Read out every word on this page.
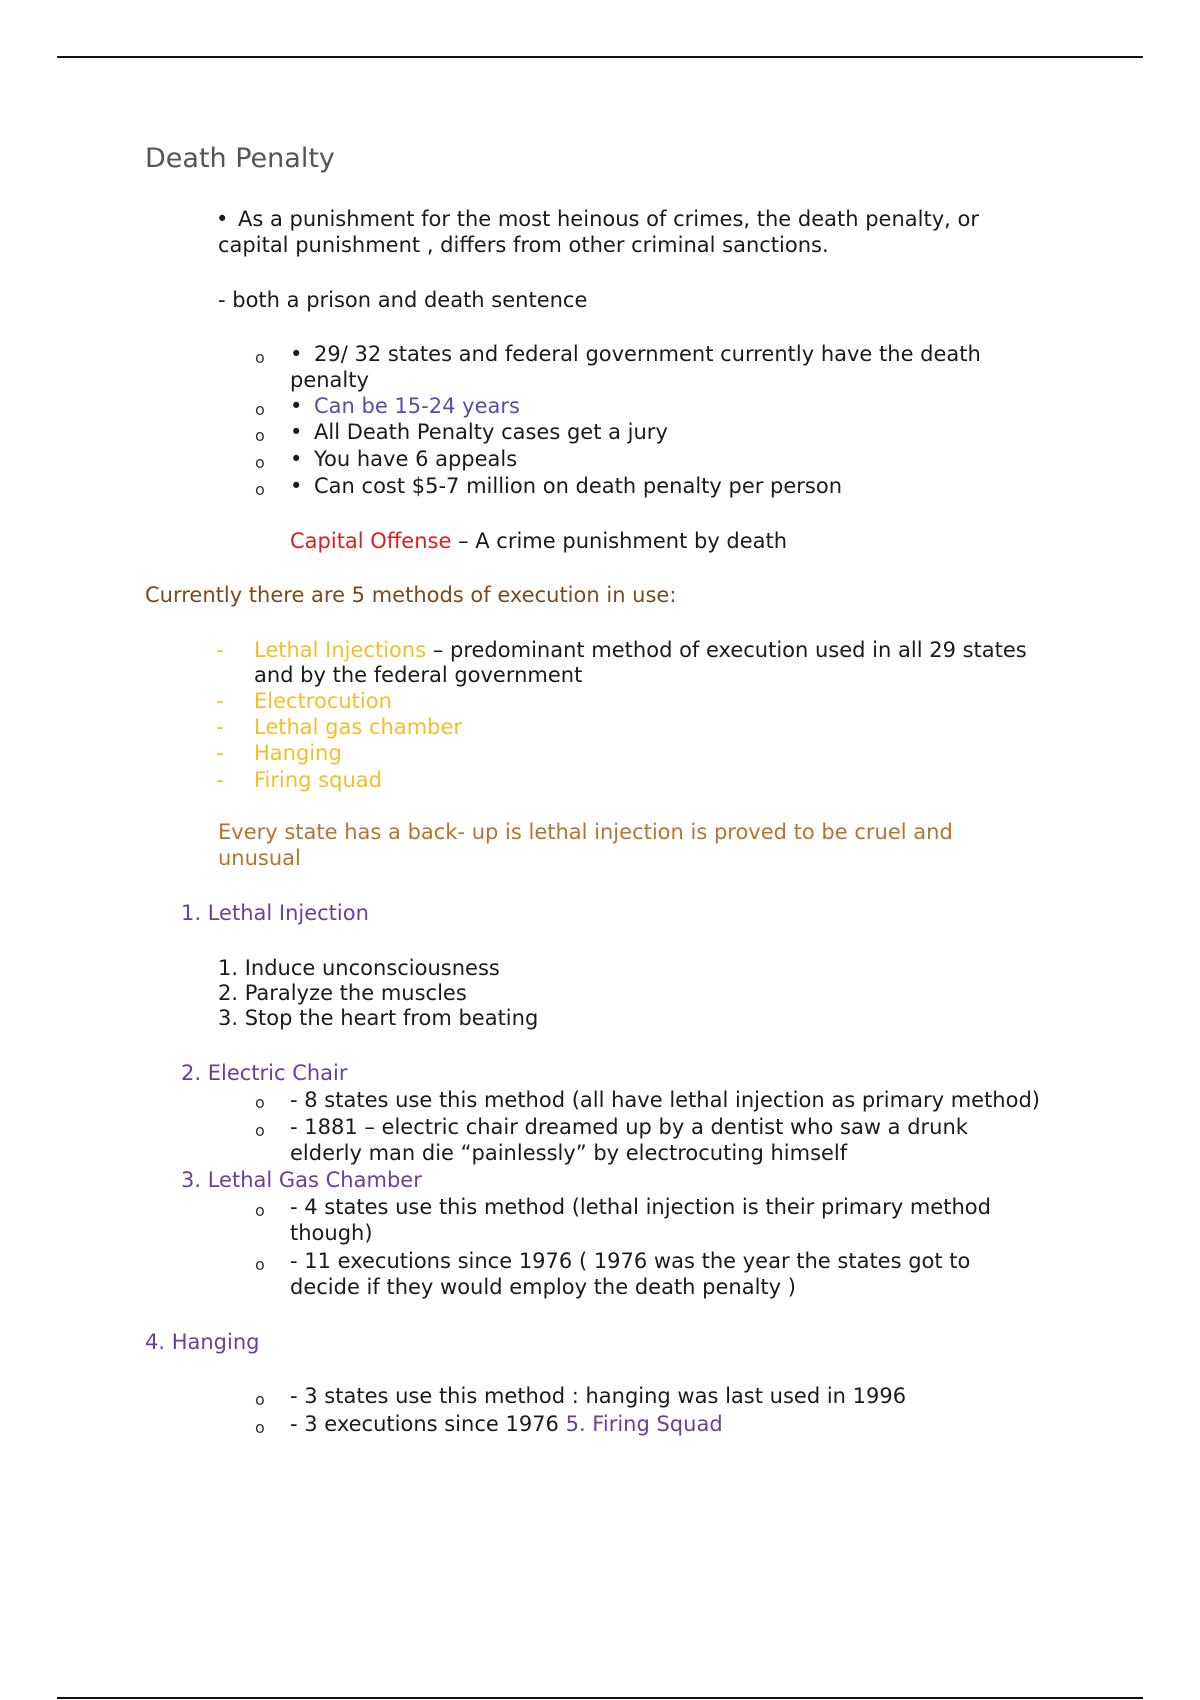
Death Penalty
• As a punishment for the most heinous of crimes, the death penalty, or capital punishment , differs from other criminal sanctions.
- both a prison and death sentence
o • 29/ 32 states and federal government currently have the death penalty
o • Can be 15-24 years
o • All Death Penalty cases get a jury
o • You have 6 appeals
o • Can cost $5-7 million on death penalty per person
Capital Offense – A crime punishment by death
Currently there are 5 methods of execution in use:
- Lethal Injections – predominant method of execution used in all 29 states
and by the federal government
- Electrocution
- Lethal gas chamber
- Hanging
- Firing squad
Every state has a back- up is lethal injection is proved to be cruel and unusual
1. Lethal Injection
1. Induce unconsciousness
2. Paralyze the muscles
3. Stop the heart from beating
2. Electric Chair
o - 8 states use this method (all have lethal injection as primary method)
o - 1881 – electric chair dreamed up by a dentist who saw a drunk elderly man die “painlessly” by electrocuting himself
3. Lethal Gas Chamber
o - 4 states use this method (lethal injection is their primary method though)
o - 11 executions since 1976 ( 1976 was the year the states got to decide if they would employ the death penalty )
4. Hanging
o - 3 states use this method : hanging was last used in 1996
o - 3 executions since 1976 5. Firing Squad
